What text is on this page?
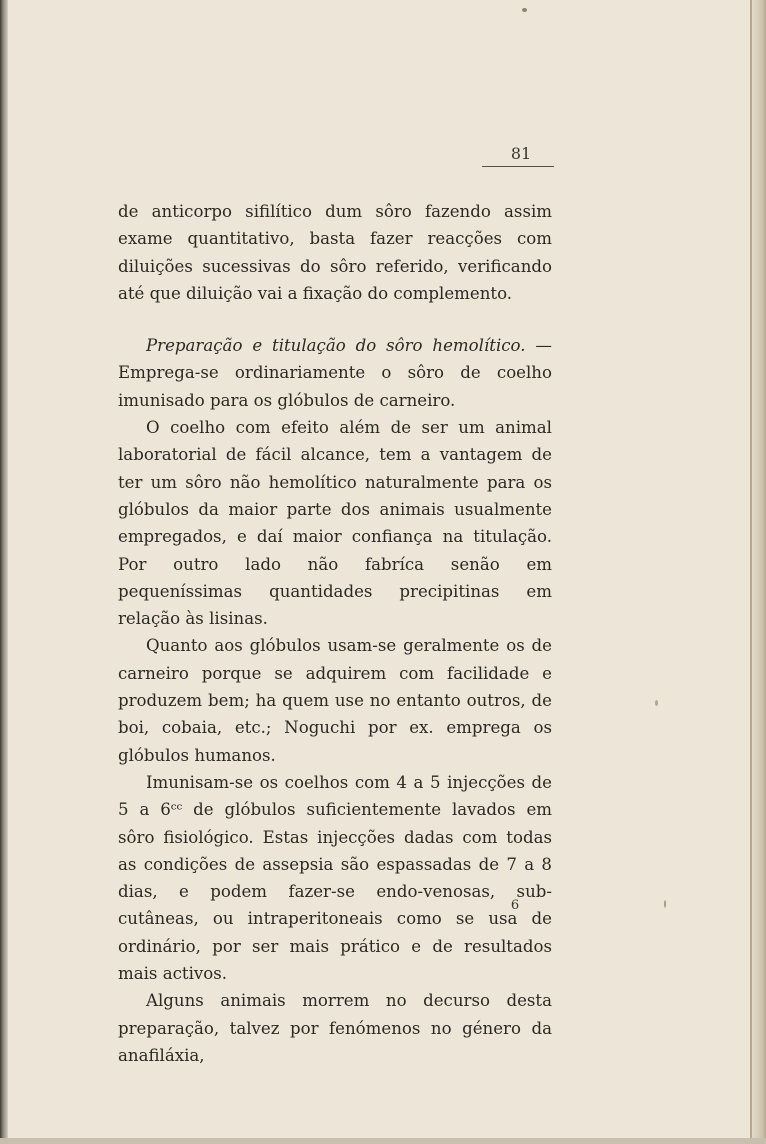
81

de anticorpo sifilítico dum sôro fazendo assim exame quantitativo, basta fazer reacções com diluições sucessivas do sôro referido, verificando até que diluição vai a fixação do complemento.

Preparação e titulação do sôro hemolítico. — Emprega-se ordinariamente o sôro de coelho imunisado para os glóbulos de carneiro.

O coelho com efeito além de ser um animal laboratorial de fácil alcance, tem a vantagem de ter um sôro não hemolítico naturalmente para os glóbulos da maior parte dos animais usualmente empregados, e daí maior confiança na titulação. Por outro lado não fabríca senão em pequeníssimas quantidades precipitinas em relação às lisinas.

Quanto aos glóbulos usam-se geralmente os de carneiro porque se adquirem com facilidade e produzem bem; ha quem use no entanto outros, de boi, cobaia, etc.; Noguchi por ex. emprega os glóbulos humanos.

Imunisam-se os coelhos com 4 a 5 injecções de 5 a 6ᶜᶜ de glóbulos suficientemente lavados em sôro fisiológico. Estas injecções dadas com todas as condições de assepsia são espassadas de 7 a 8 dias, e podem fazer-se endo-venosas, sub-cutâneas, ou intraperitoneais como se usa de ordinário, por ser mais prático e de resultados mais activos.

Alguns animais morrem no decurso desta preparação, talvez por fenómenos no género da anafiláxia,

6
